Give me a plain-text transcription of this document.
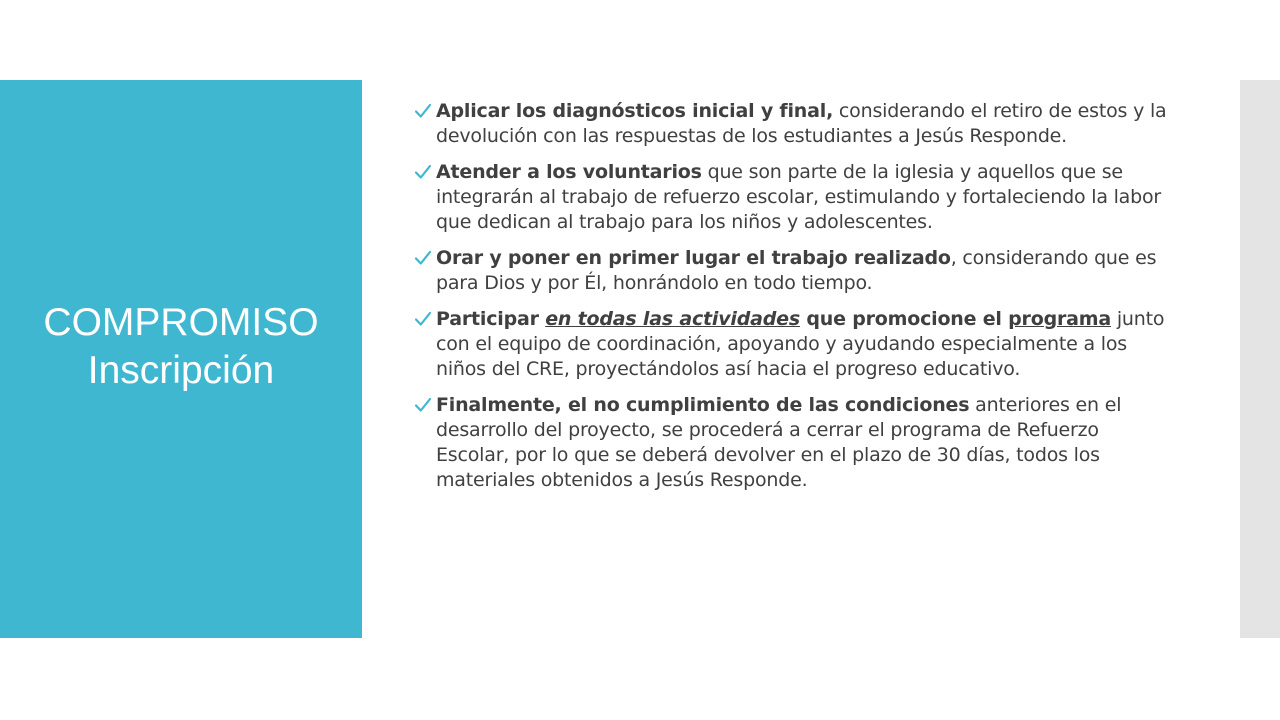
COMPROMISO
Inscripción
Aplicar los diagnósticos inicial y final, considerando el retiro de estos y la devolución con las respuestas de los estudiantes a Jesús Responde.
Atender a los voluntarios que son parte de la iglesia y aquellos que se integrarán al trabajo de refuerzo escolar, estimulando y fortaleciendo la labor que dedican al trabajo para los niños y adolescentes.
Orar y poner en primer lugar el trabajo realizado, considerando que es para Dios y por Él, honrándolo en todo tiempo.
Participar en todas las actividades que promocione el programa junto con el equipo de coordinación, apoyando y ayudando especialmente a los niños del CRE, proyectándolos así hacia el progreso educativo.
Finalmente, el no cumplimiento de las condiciones anteriores en el desarrollo del proyecto, se procederá a cerrar el programa de Refuerzo Escolar, por lo que se deberá devolver en el plazo de 30 días, todos los materiales obtenidos a Jesús Responde.
